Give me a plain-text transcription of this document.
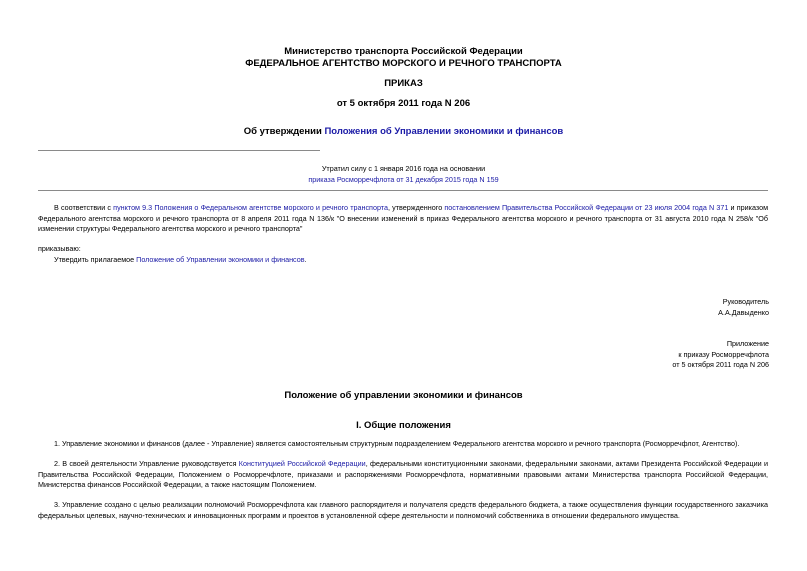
Министерство транспорта Российской Федерации
ФЕДЕРАЛЬНОЕ АГЕНТСТВО МОРСКОГО И РЕЧНОГО ТРАНСПОРТА
ПРИКАЗ
от 5 октября 2011 года N 206
Об утверждении Положения об Управлении экономики и финансов
Утратил силу с 1 января 2016 года на основании
приказа Росморречфлота от 31 декабря 2015 года N 159
В соответствии с пунктом 9.3 Положения о Федеральном агентстве морского и речного транспорта, утвержденного постановлением Правительства Российской Федерации от 23 июля 2004 года N 371 и приказом Федерального агентства морского и речного транспорта от 8 апреля 2011 года N 136/к "О внесении изменений в приказ Федерального агентства морского и речного транспорта от 31 августа 2010 года N 258/к "Об изменении структуры Федерального агентства морского и речного транспорта"
приказываю:
Утвердить прилагаемое Положение об Управлении экономики и финансов.
Руководитель
А.А.Давыденко
Приложение
к приказу Росморречфлота
от 5 октября 2011 года N 206
Положение об управлении экономики и финансов
I. Общие положения
1. Управление экономики и финансов (далее - Управление) является самостоятельным структурным подразделением Федерального агентства морского и речного транспорта (Росморречфлот, Агентство).
2. В своей деятельности Управление руководствуется Конституцией Российской Федерации, федеральными конституционными законами, федеральными законами, актами Президента Российской Федерации и Правительства Российской Федерации, Положением о Росморречфлоте, приказами и распоряжениями Росморречфлота, нормативными правовыми актами Министерства транспорта Российской Федерации, Министерства финансов Российской Федерации, а также настоящим Положением.
3. Управление создано с целью реализации полномочий Росморречфлота как главного распорядителя и получателя средств федерального бюджета, а также осуществления функции государственного заказчика федеральных целевых, научно-технических и инновационных программ и проектов в установленной сфере деятельности и полномочий собственника в отношении федерального имущества.
